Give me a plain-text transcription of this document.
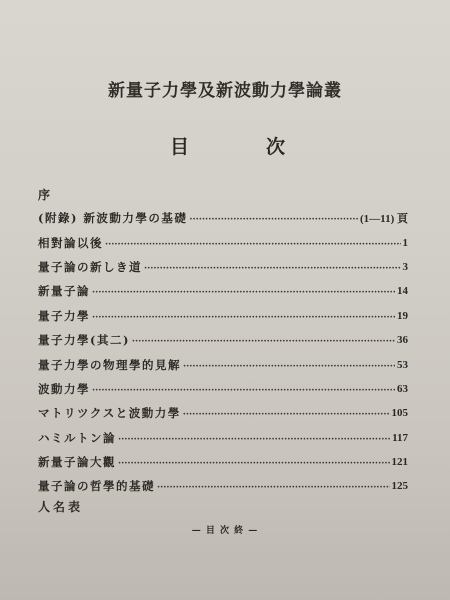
新量子力學及新波動力學論叢
目	次
序
(附錄) 新波動力學の基礎 ·····	(1—11) 頁
相對論以後 ·····	1
量子論の新しき道 ·····	3
新量子論 ·····	14
量子力學 ·····	19
量子力學(其二) ·····	36
量子力學の物理學的見解 ·····	53
波動力學 ·····	63
マトリツクスと波動力學 ·····	105
ハミルトン論 ·····	117
新量子論大觀 ·····	121
量子論の哲學的基礎 ·····	125
人名表
— 目 次 終 —
